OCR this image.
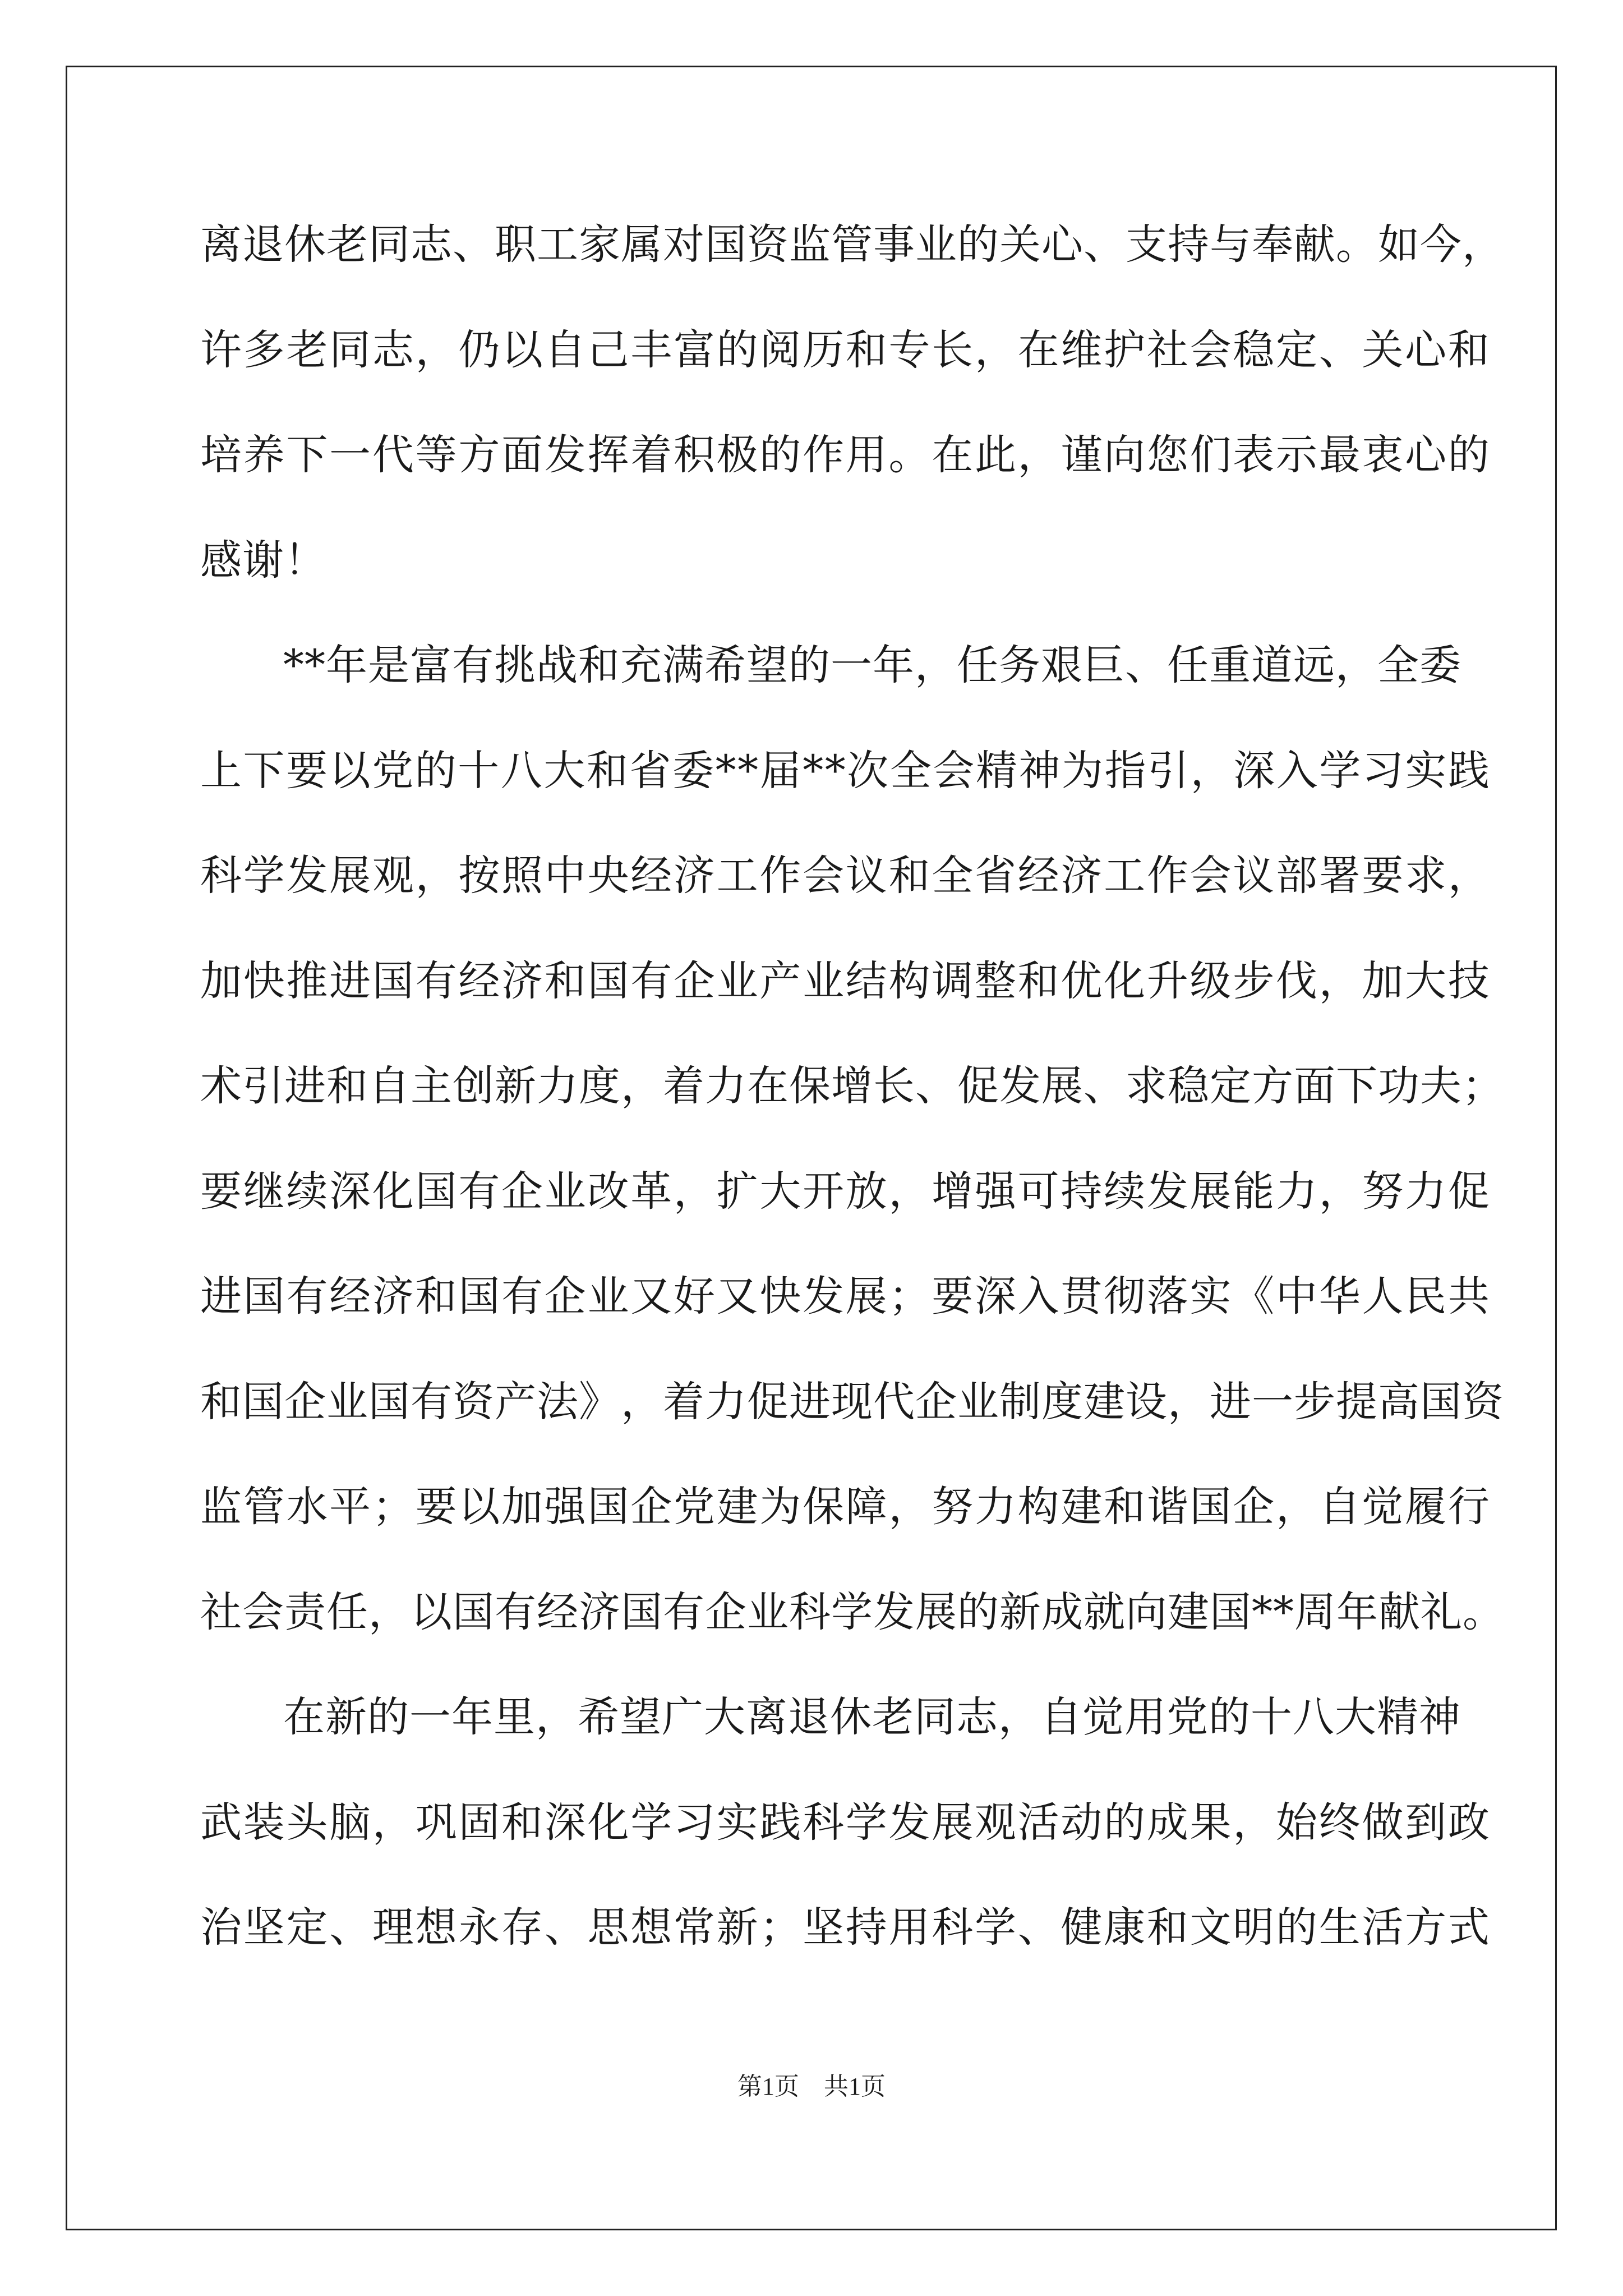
离 退 休 老 同 志 、 职 工 家 属 对 国 资 监 管 事 业 的 关 心 、 支 持 与 奉 献 。 如 今 ，
许 多 老 同 志 ， 仍 以 自 己 丰 富 的 阅 历 和 专 长 ， 在 维 护 社 会 稳 定 、 关 心 和
培 养 下 一 代 等 方 面 发 挥 着 积 极 的 作 用 。 在 此 ， 谨 向 您 们 表 示 最 衷 心 的
感谢！
**年是富有挑战和充满希望的一年，任务艰巨、任重道远，全委
上 下 要 以 党 的 十 八 大 和 省 委 * * 届 * * 次 全 会 精 神 为 指 引 ， 深 入 学 习 实 践
科 学 发 展 观 ， 按 照 中 央 经 济 工 作 会 议 和 全 省 经 济 工 作 会 议 部 署 要 求 ，
加 快 推 进 国 有 经 济 和 国 有 企 业 产 业 结 构 调 整 和 优 化 升 级 步 伐 ， 加 大 技
术 引 进 和 自 主 创 新 力 度 ， 着 力 在 保 增 长 、 促 发 展 、 求 稳 定 方 面 下 功 夫 ；
要 继 续 深 化 国 有 企 业 改 革 ， 扩 大 开 放 ， 增 强 可 持 续 发 展 能 力 ， 努 力 促
进 国 有 经 济 和 国 有 企 业 又 好 又 快 发 展 ； 要 深 入 贯 彻 落 实 《 中 华 人 民 共
和 国 企 业 国 有 资 产 法 》 ， 着 力 促 进 现 代 企 业 制 度 建 设 ， 进 一 步 提 高 国 资
监 管 水 平 ； 要 以 加 强 国 企 党 建 为 保 障 ， 努 力 构 建 和 谐 国 企 ， 自 觉 履 行
社 会 责 任 ， 以 国 有 经 济 国 有 企 业 科 学 发 展 的 新 成 就 向 建 国 * * 周 年 献 礼 。
在新的一年里，希望广大离退休老同志，自觉用党的十八大精神
武 装 头 脑 ， 巩 固 和 深 化 学 习 实 践 科 学 发 展 观 活 动 的 成 果 ， 始 终 做 到 政
治 坚 定 、 理 想 永 存 、 思 想 常 新 ； 坚 持 用 科 学 、 健 康 和 文 明 的 生 活 方 式
第1页　共1页
